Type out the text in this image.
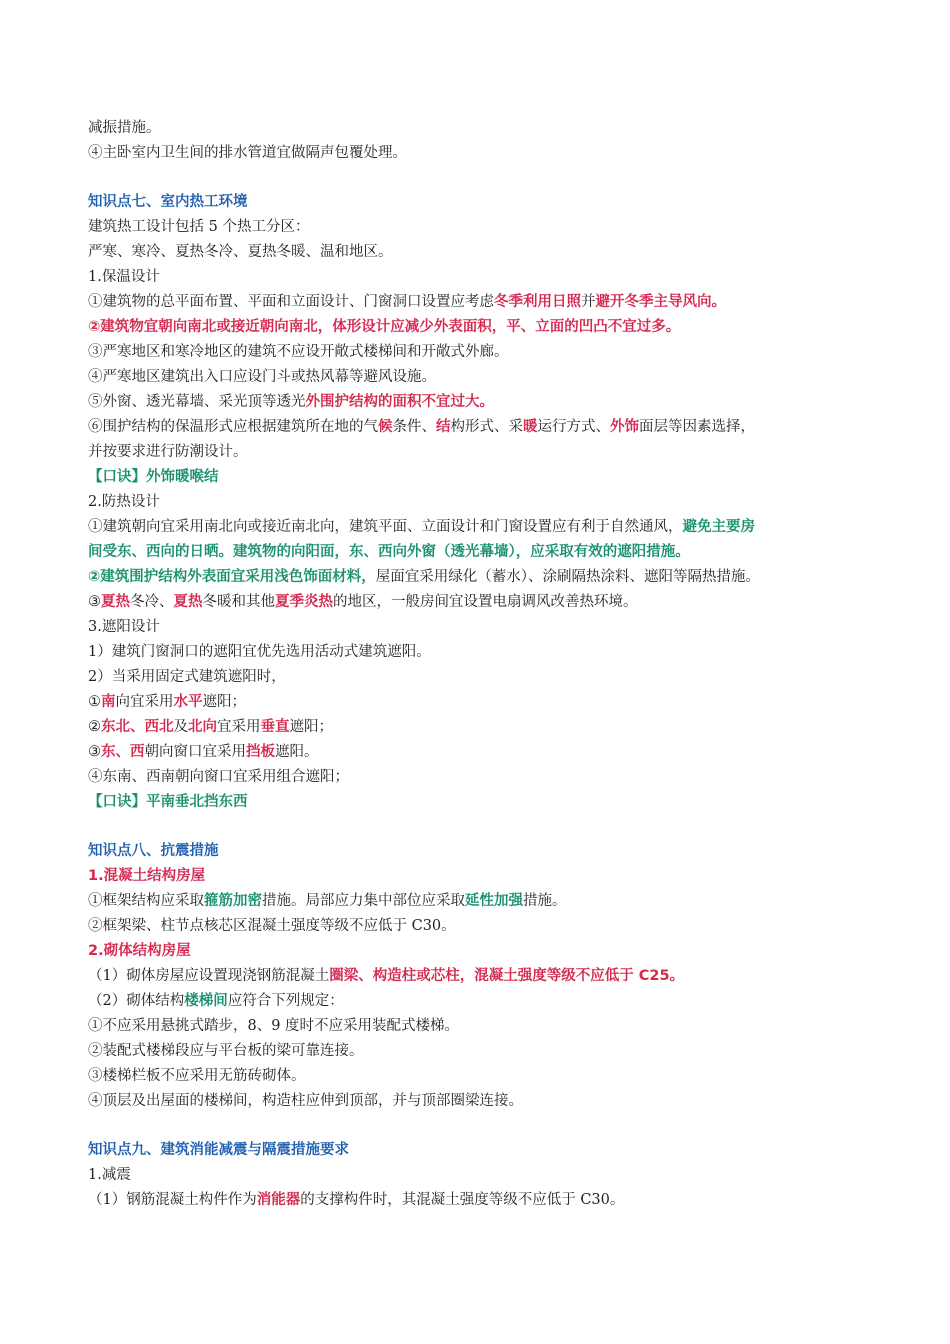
减振措施。
④主卧室内卫生间的排水管道宜做隔声包覆处理。
知识点七、室内热工环境
建筑热工设计包括 5 个热工分区：
严寒、寒冷、夏热冬冷、夏热冬暖、温和地区。
1.保温设计
①建筑物的总平面布置、平面和立面设计、门窗洞口设置应考虑冬季利用日照并避开冬季主导风向。
②建筑物宜朝向南北或接近朝向南北，体形设计应减少外表面积，平、立面的凹凸不宜过多。
③严寒地区和寒冷地区的建筑不应设开敞式楼梯间和开敞式外廊。
④严寒地区建筑出入口应设门斗或热风幕等避风设施。
⑤外窗、透光幕墙、采光顶等透光外围护结构的面积不宜过大。
⑥围护结构的保温形式应根据建筑所在地的气候条件、结构形式、采暖运行方式、外饰面层等因素选择，
并按要求进行防潮设计。
【口诀】外饰暖喉结
2.防热设计
①建筑朝向宜采用南北向或接近南北向，建筑平面、立面设计和门窗设置应有利于自然通风，避免主要房
间受东、西向的日晒。建筑物的向阳面，东、西向外窗（透光幕墙），应采取有效的遮阳措施。
②建筑围护结构外表面宜采用浅色饰面材料，屋面宜采用绿化（蓄水）、涂刷隔热涂料、遮阳等隔热措施。
③夏热冬冷、夏热冬暖和其他夏季炎热的地区，一般房间宜设置电扇调风改善热环境。
3.遮阳设计
1）建筑门窗洞口的遮阳宜优先选用活动式建筑遮阳。
2）当采用固定式建筑遮阳时，
①南向宜采用水平遮阳；
②东北、西北及北向宜采用垂直遮阳；
③东、西朝向窗口宜采用挡板遮阳。
④东南、西南朝向窗口宜采用组合遮阳；
【口诀】平南垂北挡东西
知识点八、抗震措施
1.混凝土结构房屋
①框架结构应采取箍筋加密措施。局部应力集中部位应采取延性加强措施。
②框架梁、柱节点核芯区混凝土强度等级不应低于 C30。
2.砌体结构房屋
（1）砌体房屋应设置现浇钢筋混凝土圈梁、构造柱或芯柱，混凝土强度等级不应低于 C25。
（2）砌体结构楼梯间应符合下列规定：
①不应采用悬挑式踏步，8、9 度时不应采用装配式楼梯。
②装配式楼梯段应与平台板的梁可靠连接。
③楼梯栏板不应采用无筋砖砌体。
④顶层及出屋面的楼梯间，构造柱应伸到顶部，并与顶部圈梁连接。
知识点九、建筑消能减震与隔震措施要求
1.减震
（1）钢筋混凝土构件作为消能器的支撑构件时，其混凝土强度等级不应低于 C30。
